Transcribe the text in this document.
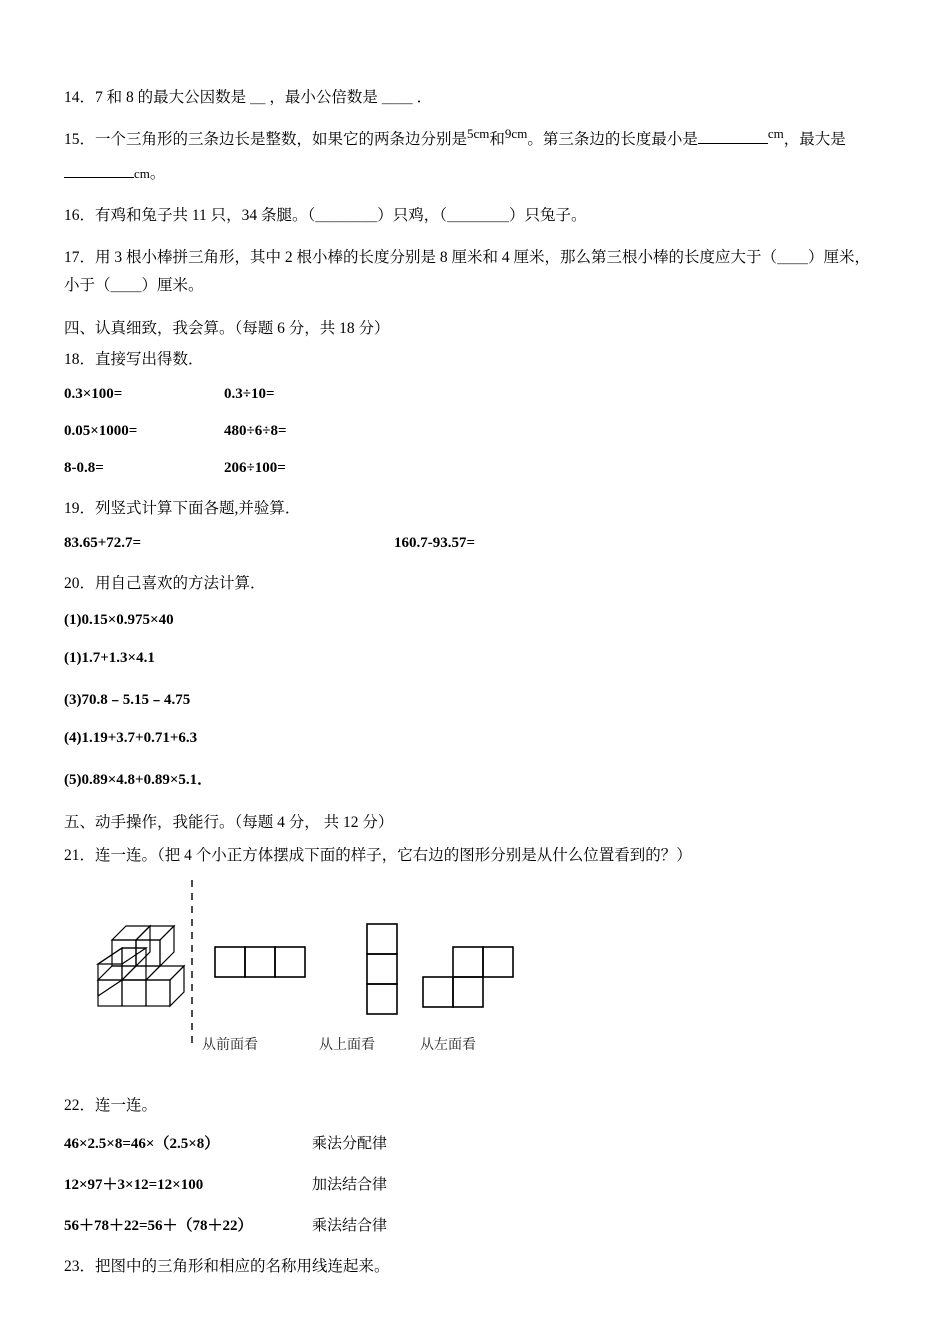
14．7 和 8 的最大公因数是 ＿ ，最小公倍数是 ＿＿ ．

15．一个三角形的三条边长是整数，如果它的两条边分别是$^{5cm}$和$^{9cm}$。第三条边的长度最小是	$^{cm}$，最大是

cm。

16．有鸡和兔子共 11 只，34 条腿。（＿＿＿＿）只鸡，（＿＿＿＿）只兔子。

17．用 3 根小棒拼三角形，其中 2 根小棒的长度分别是 8 厘米和 4 厘米，那么第三根小棒的长度应大于（＿＿）厘米，

小于（＿＿）厘米。

四、认真细致，我会算。（每题 6 分，共 18 分）

18．直接写出得数．

0.3×100=	0.3÷10=

0.05×1000=	480÷6÷8=

8-0.8=	206÷100=

19．列竖式计算下面各题,并验算．

83.65+72.7=	160.7-93.57=

20．用自己喜欢的方法计算．

(1)0.15×0.975×40

(1)1.7+1.3×4.1

(3)70.8﹣5.15﹣4.75

(4)1.19+3.7+0.71+6.3

(5)0.89×4.8+0.89×5.1．

五、动手操作，我能行。（每题 4 分， 共 12 分）

21．连一连。（把 4 个小正方体摆成下面的样子，它右边的图形分别是从什么位置看到的？）

从前面看	从上面看	从左面看

22．连一连。

46×2.5×8=46×（2.5×8）	乘法分配律

12×97＋3×12=12×100	加法结合律

56＋78＋22=56＋（78＋22）	乘法结合律

23．把图中的三角形和相应的名称用线连起来。
